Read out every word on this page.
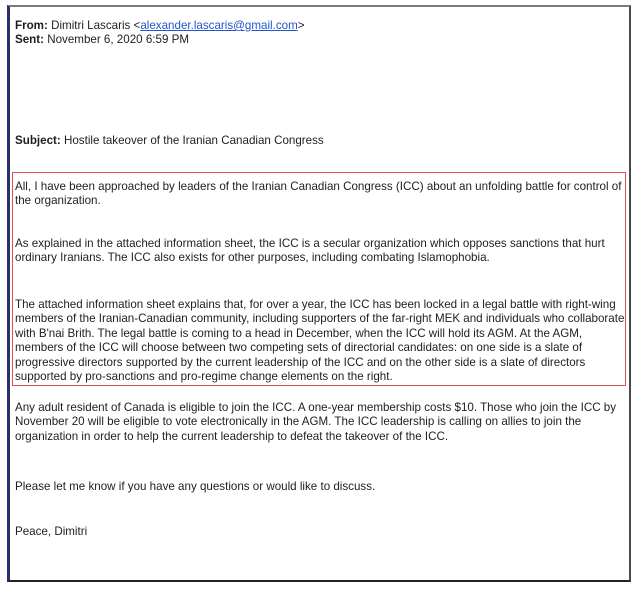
From: Dimitri Lascaris <alexander.lascaris@gmail.com>
Sent: November 6, 2020 6:59 PM
Subject: Hostile takeover of the Iranian Canadian Congress
All, I have been approached by leaders of the Iranian Canadian Congress (ICC) about an unfolding battle for control of the organization.
As explained in the attached information sheet, the ICC is a secular organization which opposes sanctions that hurt ordinary Iranians. The ICC also exists for other purposes, including combating Islamophobia.
The attached information sheet explains that, for over a year, the ICC has been locked in a legal battle with right-wing members of the Iranian-Canadian community, including supporters of the far-right MEK and individuals who collaborate with B'nai Brith. The legal battle is coming to a head in December, when the ICC will hold its AGM. At the AGM, members of the ICC will choose between two competing sets of directorial candidates: on one side is a slate of progressive directors supported by the current leadership of the ICC and on the other side is a slate of directors supported by pro-sanctions and pro-regime change elements on the right.
Any adult resident of Canada is eligible to join the ICC. A one-year membership costs $10. Those who join the ICC by November 20 will be eligible to vote electronically in the AGM. The ICC leadership is calling on allies to join the organization in order to help the current leadership to defeat the takeover of the ICC.
Please let me know if you have any questions or would like to discuss.
Peace, Dimitri
